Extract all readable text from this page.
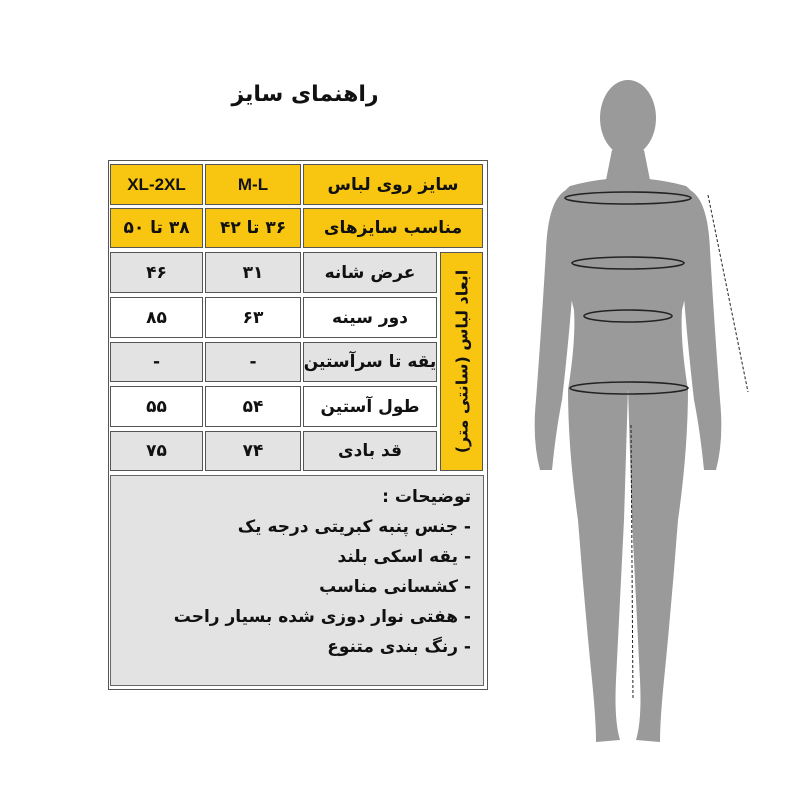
راهنمای سایز
سایز روی لباس
M-L
XL-2XL
مناسب سایزهای
۳۶ تا ۴۲
۳۸ تا ۵۰
ابعاد لباس (سانتی متر)
عرض شانه
۳۱
۴۶
دور سینه
۶۳
۸۵
یقه تا سرآستین
-
-
طول آستین
۵۴
۵۵
قد بادی
۷۴
۷۵
توضیحات :
- جنس پنبه کبریتی درجه یک
- یقه اسکی بلند
- کشسانی مناسب
- هفتی نوار دوزی شده بسیار راحت
- رنگ بندی متنوع
